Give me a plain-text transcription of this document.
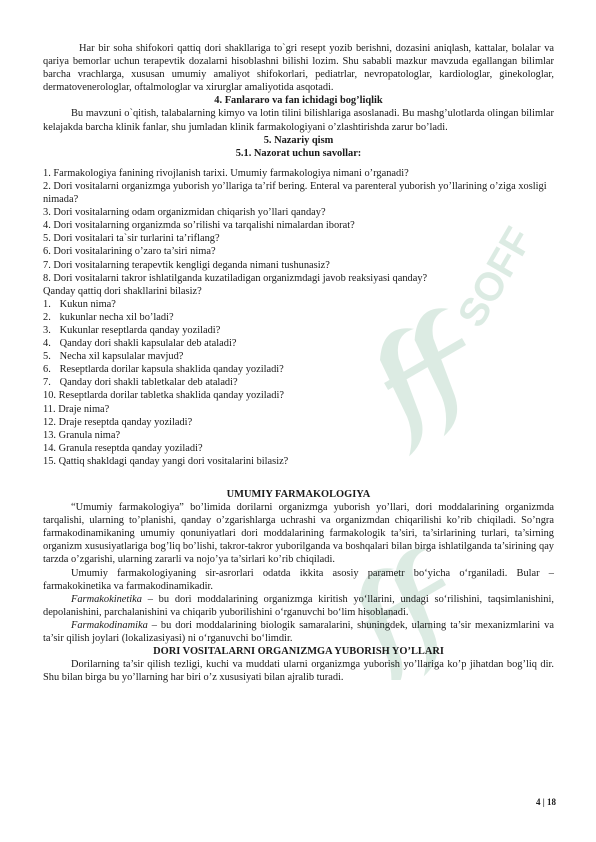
SOFF

Har bir soha shifokori qattiq dori shakllariga to`gri resept yozib berishni, dozasini aniqlash, kattalar, bolalar va qariya bemorlar uchun terapevtik dozalarni hisoblashni bilishi lozim. Shu sababli mazkur mavzuda egallangan bilimlar barcha vrachlarga, xususan umumiy amaliyot shifokorlari, pediatrlar, nevropatologlar, kardiologlar, ginekologlar, dermatovenerologlar, oftalmologlar va xirurglar amaliyotida asqotadi.

4. Fanlararo va fan ichidagi bog’liqlik

Bu mavzuni o`qitish, talabalarning kimyo va lotin tilini bilishlariga asoslanadi. Bu mashg’ulotlarda olingan bilimlar kelajakda barcha klinik fanlar, shu jumladan klinik farmakologiyani o’zlashtirishda zarur bo’ladi.

5. Nazariy qism

5.1. Nazorat uchun savollar:

1. Farmakologiya fanining rivojlanish tarixi. Umumiy farmakologiya nimani o’rganadi?

2. Dori vositalarni organizmga yuborish yo’llariga ta’rif bering. Enteral va parenteral yuborish yo’llarining o’ziga xosligi nimada?

3. Dori vositalarning odam organizmidan chiqarish yo’llari qanday?

4. Dori vositalarning organizmda so’rilishi va tarqalishi nimalardan iborat?

5. Dori vositalari ta`sir turlarini ta’riflang?

6. Dori vositalarining o’zaro ta’siri nima?

7. Dori vositalarning terapevtik kengligi deganda nimani tushunasiz?

8. Dori vositalarni takror ishlatilganda kuzatiladigan organizmdagi javob reaksiyasi qanday?

Qanday qattiq dori shakllarini bilasiz?

1. Kukun nima?

2. kukunlar necha xil bo’ladi?

3. Kukunlar reseptlarda qanday yoziladi?

4. Qanday dori shakli kapsulalar deb ataladi?

5. Necha xil kapsulalar mavjud?

6. Reseptlarda dorilar kapsula shaklida qanday yoziladi?

7. Qanday dori shakli tabletkalar deb ataladi?

10. Reseptlarda dorilar tabletka shaklida qanday yoziladi?

11. Draje nima?

12. Draje reseptda qanday yoziladi?

13. Granula nima?

14. Granula reseptda qanday yoziladi?

15. Qattiq shakldagi qanday yangi dori vositalarini bilasiz?

UMUMIY FARMAKOLOGIYA

“Umumiy farmakologiya” bo’limida dorilarni organizmga yuborish yo’llari, dori moddalarining organizmda tarqalishi, ularning to’planishi, qanday o’zgarishlarga uchrashi va organizmdan chiqarilishi ko’rib chiqiladi. So’ngra farmakodinamikaning umumiy qonuniyatlari dori moddalarining farmakologik ta’siri, ta’sirlarining turlari, ta’sirning organizm xususiyatlariga bog’liq bo’lishi, takror-takror yuborilganda va boshqalari bilan birga ishlatilganda ta’sirining qay tarzda o’zgarishi, ularning zararli va nojo’ya ta’sirlari ko’rib chiqiladi.

Umumiy farmakologiyaning sir-asrorlari odatda ikkita asosiy parametr bo‘yicha o‘rganiladi. Bular – farmakokinetika va farmakodinamikadir.

Farmakokinetika – bu dori moddalarining organizmga kiritish yo‘llarini, undagi so‘rilishini, taqsimlanishini, depolanishini, parchalanishini va chiqarib yuborilishini o‘rganuvchi bo‘lim hisoblanadi.

Farmakodinamika – bu dori moddalarining biologik samaralarini, shuningdek, ularning ta’sir mexanizmlarini va ta’sir qilish joylari (lokalizasiyasi) ni o‘rganuvchi bo‘limdir.

DORI VOSITALARNI ORGANIZMGA YUBORISH YO’LLARI

Dorilarning ta’sir qilish tezligi, kuchi va muddati ularni organizmga yuborish yo’llariga ko’p jihatdan bog’liq dir. Shu bilan birga bu yo’llarning har biri o’z xususiyati bilan ajralib turadi.

4 | 18
